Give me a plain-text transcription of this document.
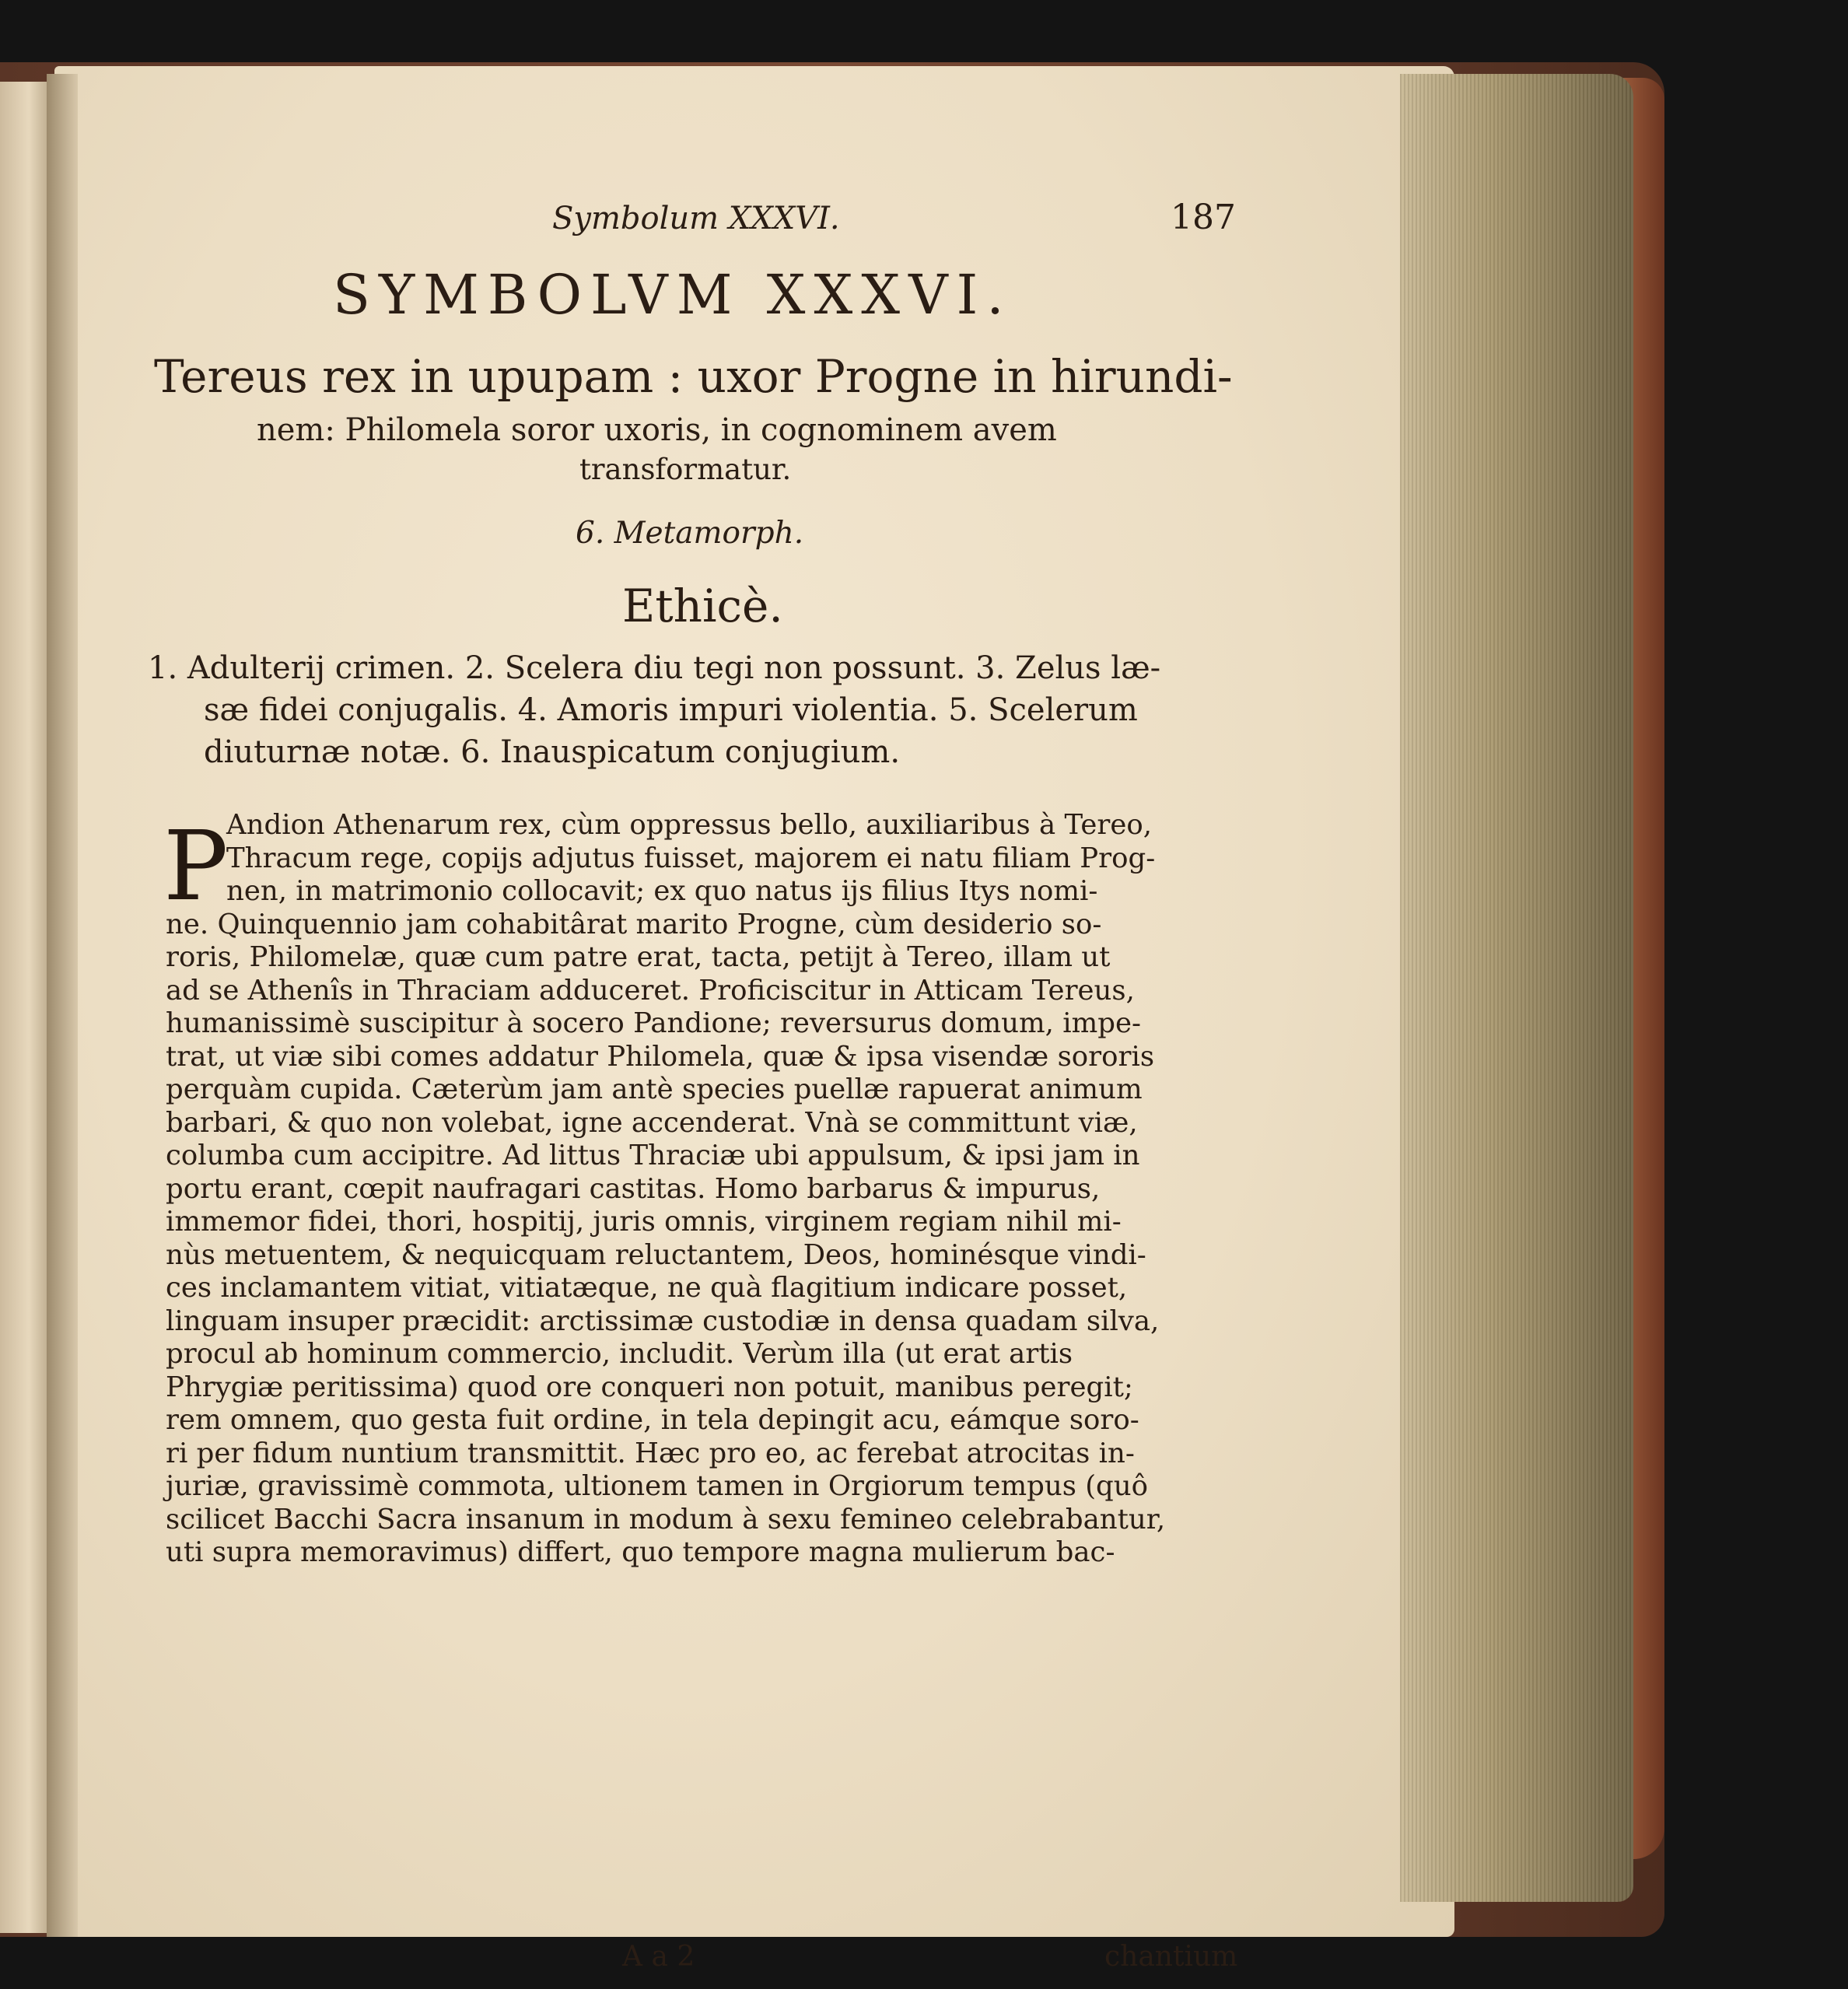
Symbolum XXXVI.	187
SYMBOLVM XXXVI.
Tereus rex in upupam : uxor Progne in hirundi-
nem: Philomela soror uxoris, in cognominem avem
transformatur.
6. Metamorph.
Ethicè.

1. Adulterij crimen. 2. Scelera diu tegi non possunt. 3. Zelus læ-

sæ fidei conjugalis. 4. Amoris impuri violentia. 5. Scelerum

diuturnæ notæ. 6. Inauspicatum conjugium.

P
Andion Athenarum rex, cùm oppressus bello, auxiliaribus à Tereo,
Thracum rege, copijs adjutus fuisset, majorem ei natu filiam Prog-
nen, in matrimonio collocavit; ex quo natus ijs filius Itys nomi-
ne. Quinquennio jam cohabitârat marito Progne, cùm desiderio so-
roris, Philomelæ, quæ cum patre erat, tacta, petijt à Tereo, illam ut
ad se Athenîs in Thraciam adduceret. Proficiscitur in Atticam Tereus,
humanissimè suscipitur à socero Pandione; reversurus domum, impe-
trat, ut viæ sibi comes addatur Philomela, quæ & ipsa visendæ sororis
perquàm cupida. Cæterùm jam antè species puellæ rapuerat animum
barbari, & quo non volebat, igne accenderat. Vnà se committunt viæ,
columba cum accipitre. Ad littus Thraciæ ubi appulsum, & ipsi jam in
portu erant, cœpit naufragari castitas. Homo barbarus & impurus,
immemor fidei, thori, hospitij, juris omnis, virginem regiam nihil mi-
nùs metuentem, & nequicquam reluctantem, Deos, hominésque vindi-
ces inclamantem vitiat, vitiatæque, ne quà flagitium indicare posset,
linguam insuper præcidit: arctissimæ custodiæ in densa quadam silva,
procul ab hominum commercio, includit. Verùm illa (ut erat artis
Phrygiæ peritissima) quod ore conqueri non potuit, manibus peregit;
rem omnem, quo gesta fuit ordine, in tela depingit acu, eámque soro-
ri per fidum nuntium transmittit. Hæc pro eo, ac ferebat atrocitas in-
juriæ, gravissimè commota, ultionem tamen in Orgiorum tempus (quô
scilicet Bacchi Sacra insanum in modum à sexu femineo celebrabantur,
uti supra memoravimus) differt, quo tempore magna mulierum bac-
A a 2	chantium
